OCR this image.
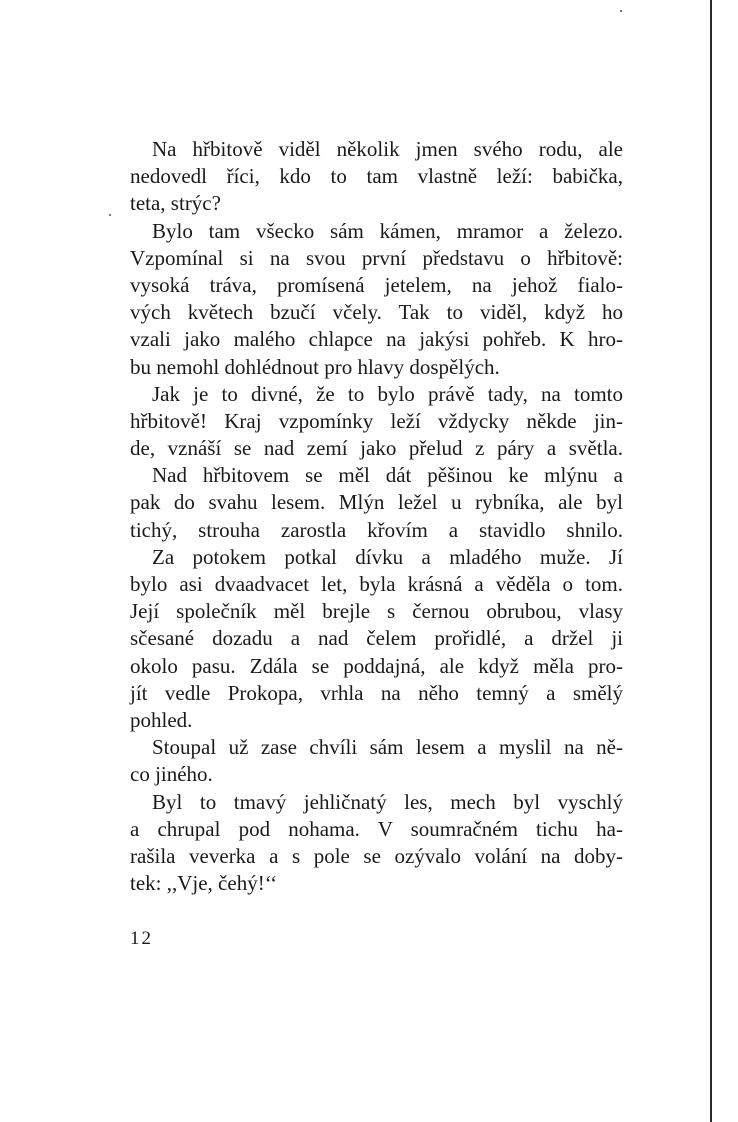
Na hřbitově viděl několik jmen svého rodu, ale
nedovedl říci, kdo to tam vlastně leží: babička,
teta, strýc?
Bylo tam všecko sám kámen, mramor a železo.
Vzpomínal si na svou první představu o hřbitově:
vysoká tráva, promísená jetelem, na jehož fialo-
vých květech bzučí včely. Tak to viděl, když ho
vzali jako malého chlapce na jakýsi pohřeb. K hro-
bu nemohl dohlédnout pro hlavy dospělých.
Jak je to divné, že to bylo právě tady, na tomto
hřbitově! Kraj vzpomínky leží vždycky někde jin-
de, vznáší se nad zemí jako přelud z páry a světla.
Nad hřbitovem se měl dát pěšinou ke mlýnu a
pak do svahu lesem. Mlýn ležel u rybníka, ale byl
tichý, strouha zarostla křovím a stavidlo shnilo.
Za potokem potkal dívku a mladého muže. Jí
bylo asi dvaadvacet let, byla krásná a věděla o tom.
Její společník měl brejle s černou obrubou, vlasy
sčesané dozadu a nad čelem prořidlé, a držel ji
okolo pasu. Zdála se poddajná, ale když měla pro-
jít vedle Prokopa, vrhla na něho temný a smělý
pohled.
Stoupal už zase chvíli sám lesem a myslil na ně-
co jiného.
Byl to tmavý jehličnatý les, mech byl vyschlý
a chrupal pod nohama. V soumračném tichu ha-
rašila veverka a s pole se ozývalo volání na doby-
tek: ,,Vje, čehý!‘‘
12
